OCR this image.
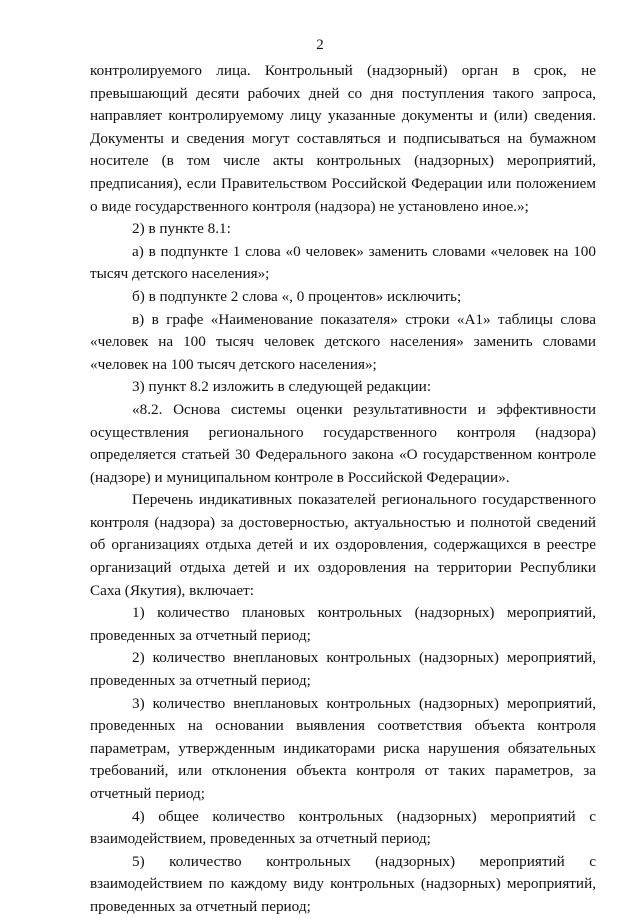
2

контролируемого лица. Контрольный (надзорный) орган в срок, не превышающий десяти рабочих дней со дня поступления такого запроса, направляет контролируемому лицу указанные документы и (или) сведения. Документы и сведения могут составляться и подписываться на бумажном носителе (в том числе акты контрольных (надзорных) мероприятий, предписания), если Правительством Российской Федерации или положением о виде государственного контроля (надзора) не установлено иное.»;

2) в пункте 8.1:

а) в подпункте 1 слова «0 человек» заменить словами «человек на 100 тысяч детского населения»;

б) в подпункте 2 слова «, 0 процентов» исключить;

в) в графе «Наименование показателя» строки «А1» таблицы слова «человек на 100 тысяч человек детского населения» заменить словами «человек на 100 тысяч детского населения»;

3) пункт 8.2 изложить в следующей редакции:

«8.2. Основа системы оценки результативности и эффективности осуществления регионального государственного контроля (надзора) определяется статьей 30 Федерального закона «О государственном контроле (надзоре) и муниципальном контроле в Российской Федерации».

Перечень индикативных показателей регионального государственного контроля (надзора) за достоверностью, актуальностью и полнотой сведений об организациях отдыха детей и их оздоровления, содержащихся в реестре организаций отдыха детей и их оздоровления на территории Республики Саха (Якутия), включает:

1) количество плановых контрольных (надзорных) мероприятий, проведенных за отчетный период;

2) количество внеплановых контрольных (надзорных) мероприятий, проведенных за отчетный период;

3) количество внеплановых контрольных (надзорных) мероприятий, проведенных на основании выявления соответствия объекта контроля параметрам, утвержденным индикаторами риска нарушения обязательных требований, или отклонения объекта контроля от таких параметров, за отчетный период;

4) общее количество контрольных (надзорных) мероприятий с взаимодействием, проведенных за отчетный период;

5) количество контрольных (надзорных) мероприятий с взаимодействием по каждому виду контрольных (надзорных) мероприятий, проведенных за отчетный период;
